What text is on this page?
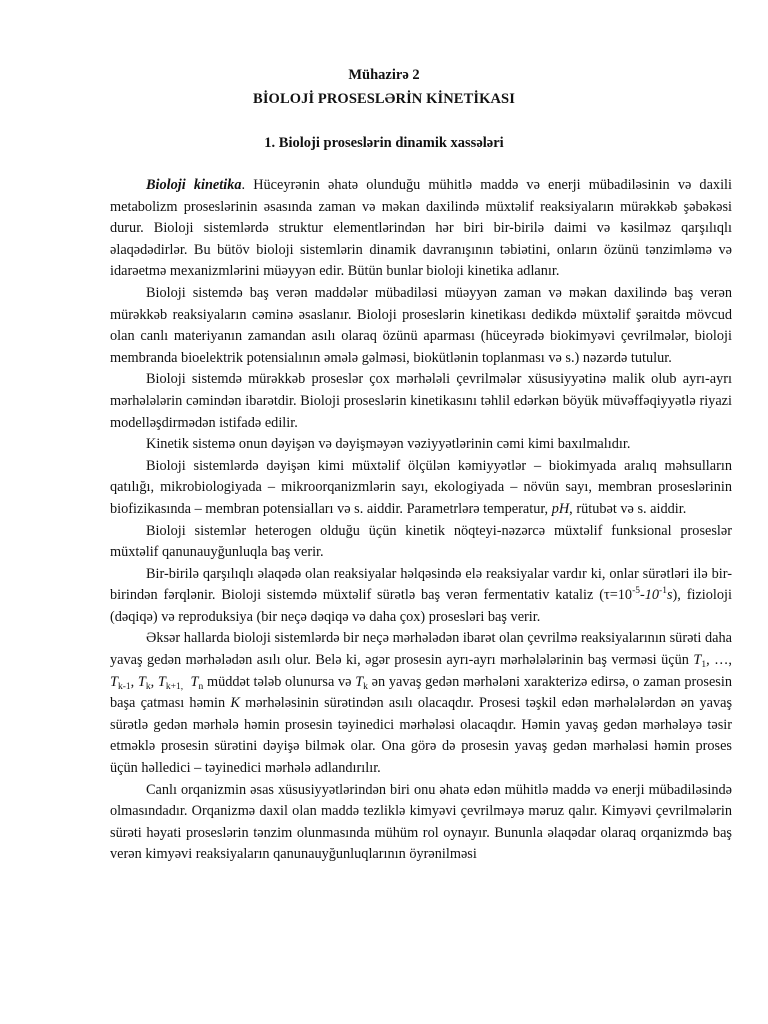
Mühazirə 2
BİOLOJİ PROSESLƏRİN KİNETİKASI
1. Bioloji proseslərin dinamik xassələri

Bioloji kinetika. Hüceyrənin əhatə olunduğu mühitlə maddə və enerji mübadiləsinin və daxili metabolizm proseslərinin əsasında zaman və məkan daxilində müxtəlif reaksiyaların mürəkkəb şəbəkəsi durur. Bioloji sistemlərdə struktur elementlərindən hər biri bir-birilə daimi və kəsilməz qarşılıqlı əlaqədədirlər. Bu bütöv bioloji sistemlərin dinamik davranışının təbiətini, onların özünü tənzimləmə və idarəetmə mexanizmlərini müəyyən edir. Bütün bunlar bioloji kinetika adlanır.

Bioloji sistemdə baş verən maddələr mübadiləsi müəyyən zaman və məkan daxilində baş verən mürəkkəb reaksiyaların cəminə əsaslanır. Bioloji proseslərin kinetikası dedikdə müxtəlif şəraitdə mövcud olan canlı materiyanın zamandan asılı olaraq özünü aparması (hüceyrədə biokimyəvi çevrilmələr, bioloji membranda bioelektrik potensialının əmələ gəlməsi, biokütlənin toplanması və s.) nəzərdə tutulur.

Bioloji sistemdə mürəkkəb proseslər çox mərhələli çevrilmələr xüsusiyyətinə malik olub ayrı-ayrı mərhələlərin cəmindən ibarətdir. Bioloji proseslərin kinetikasını təhlil edərkən böyük müvəffəqiyyətlə riyazi modelləşdirmədən istifadə edilir.

Kinetik sistemə onun dəyişən və dəyişməyən vəziyyətlərinin cəmi kimi baxılmalıdır.

Bioloji sistemlərdə dəyişən kimi müxtəlif ölçülən kəmiyyətlər – biokimyada aralıq məhsulların qatılığı, mikrobiologiyada – mikroorqanizmlərin sayı, ekologiyada – növün sayı, membran proseslərinin biofizikasında – membran potensialları və s. aiddir. Parametrlərə temperatur, pH, rütubət və s. aiddir.

Bioloji sistemlər heterogen olduğu üçün kinetik nöqteyi-nəzərcə müxtəlif funksional proseslər müxtəlif qanunauyğunluqla baş verir.

Bir-birilə qarşılıqlı əlaqədə olan reaksiyalar həlqəsində elə reaksiyalar vardır ki, onlar sürətləri ilə bir-birindən fərqlənir. Bioloji sistemdə müxtəlif sürətlə baş verən fermentativ kataliz $(\tau=10^{-5}-10^{-1}s)$, fizioloji (dəqiqə) və reproduksiya (bir neçə dəqiqə və daha çox) prosesləri baş verir.

Əksər hallarda bioloji sistemlərdə bir neçə mərhələdən ibarət olan çevrilmə reaksiyalarının sürəti daha yavaş gedən mərhələdən asılı olur. Belə ki, əgər prosesin ayrı-ayrı mərhələlərinin baş verməsi üçün $T_1$, …, $T_{k-1}$, $T_k$, $T_{k+1,}$ $T_n$ müddət tələb olunursa və $T_k$ ən yavaş gedən mərhələni xarakterizə edirsə, o zaman prosesin başa çatması həmin K mərhələsinin sürətindən asılı olacaqdır. Prosesi təşkil edən mərhələlərdən ən yavaş sürətlə gedən mərhələ həmin prosesin təyinedici mərhələsi olacaqdır. Həmin yavaş gedən mərhələyə təsir etməklə prosesin sürətini dəyişə bilmək olar. Ona görə də prosesin yavaş gedən mərhələsi həmin proses üçün həlledici – təyinedici mərhələ adlandırılır.

Canlı orqanizmin əsas xüsusiyyətlərindən biri onu əhatə edən mühitlə maddə və enerji mübadiləsində olmasındadır. Orqanizmə daxil olan maddə tezliklə kimyəvi çevrilməyə məruz qalır. Kimyəvi çevrilmələrin sürəti həyati proseslərin tənzim olunmasında mühüm rol oynayır. Bununla əlaqədar olaraq orqanizmdə baş verən kimyəvi reaksiyaların qanunauyğunluqlarının öyrənilməsi
